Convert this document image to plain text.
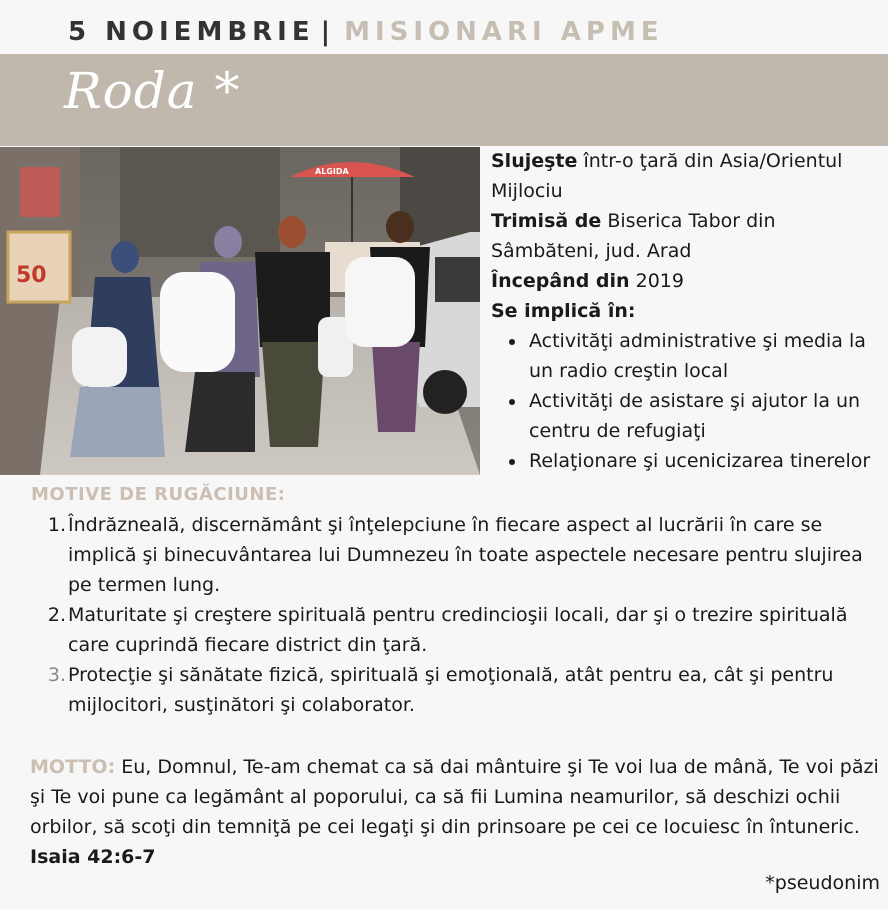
5 NOIEMBRIE | MISIONARI APME
Roda *
50
ALGIDA	Slujeşte într-o ţară din Asia/Orientul Mijlociu

Trimisă de Biserica Tabor din Sâmbăteni, jud. Arad

Începând din 2019

Se implică în:

• Activităţi administrative şi media la un radio creştin local
• Activităţi de asistare şi ajutor la un centru de refugiaţi
• Relaţionare şi ucenicizarea tinerelor
MOTIVE DE RUGĂCIUNE:
1. Îndrăzneală, discernământ şi înţelepciune în fiecare aspect al lucrării în care se implică şi binecuvântarea lui Dumnezeu în toate aspectele necesare pentru slujirea pe termen lung.
2. Maturitate şi creştere spirituală pentru credincioşii locali, dar şi o trezire spirituală care cuprindă fiecare district din ţară.
3. Protecţie şi sănătate fizică, spirituală şi emoţională, atât pentru ea, cât şi pentru mijlocitori, susţinători şi colaborator.

MOTTO: Eu, Domnul, Te-am chemat ca să dai mântuire şi Te voi lua de mână, Te voi păzi şi Te voi pune ca legământ al poporului, ca să fii Lumina neamurilor, să deschizi ochii orbilor, să scoţi din temniţă pe cei legaţi şi din prinsoare pe cei ce locuiesc în întuneric. Isaia 42:6-7

*pseudonim
